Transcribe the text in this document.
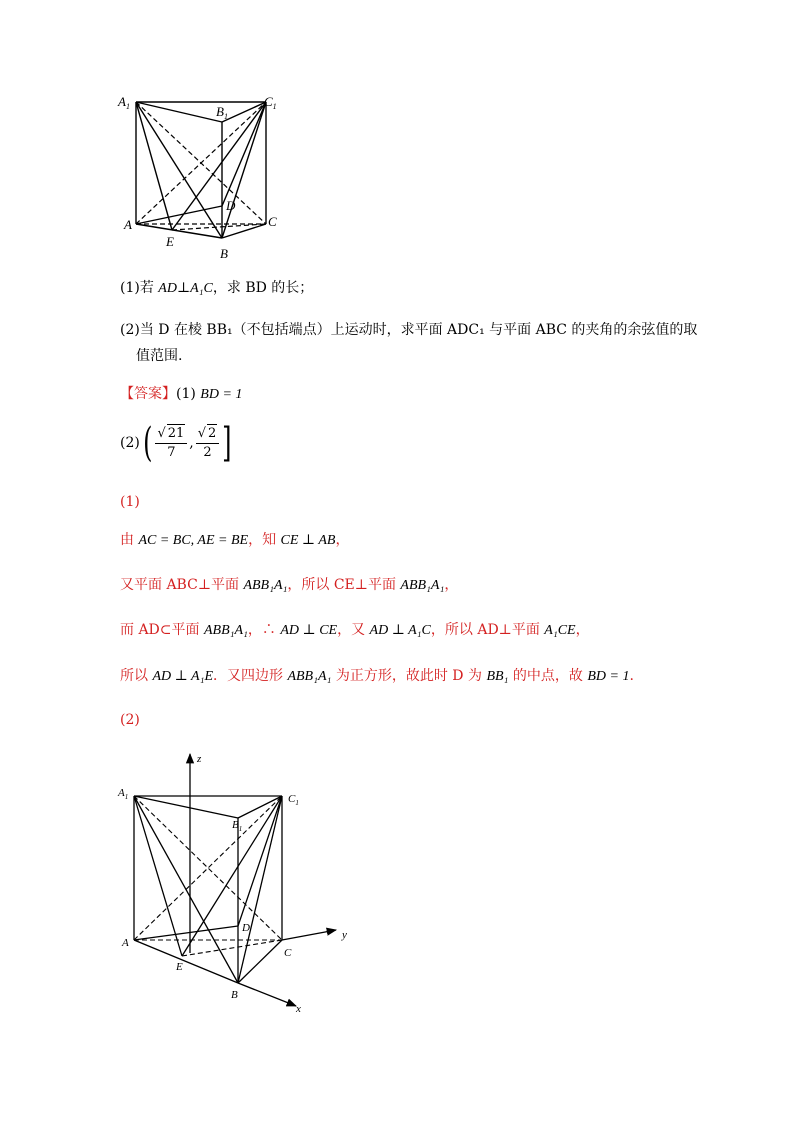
$A_1$	$B_1$
$C_1$
A	C
B
D
E
(1)若 AD⊥A₁C，求 BD 的长；
(2)当 D 在棱 BB₁（不包括端点）上运动时，求平面 ADC₁ 与平面 ABC 的夹角的余弦值的取
值范围.
【答案】(1) BD = 1
(2) ( $\frac{√ 21}{7}$ , $\frac{√ 2}{2}$ ]
(1)
由 AC = BC, AE = BE，知 CE ⊥ AB，
又平面 ABC⊥平面 ABB₁A₁，所以 CE⊥平面 ABB₁A₁，
而 AD⊂平面 ABB₁A₁，∴ AD ⊥ CE，又 AD ⊥ A₁C，所以 AD⊥平面 A₁CE，
所以 AD ⊥ A₁E．又四边形 ABB₁A₁ 为正方形，故此时 D 为 BB₁ 的中点，故 BD = 1.
(2)
z
y
x
$A_1$
$B_1$
$C_1$
A
C
B
D
E
